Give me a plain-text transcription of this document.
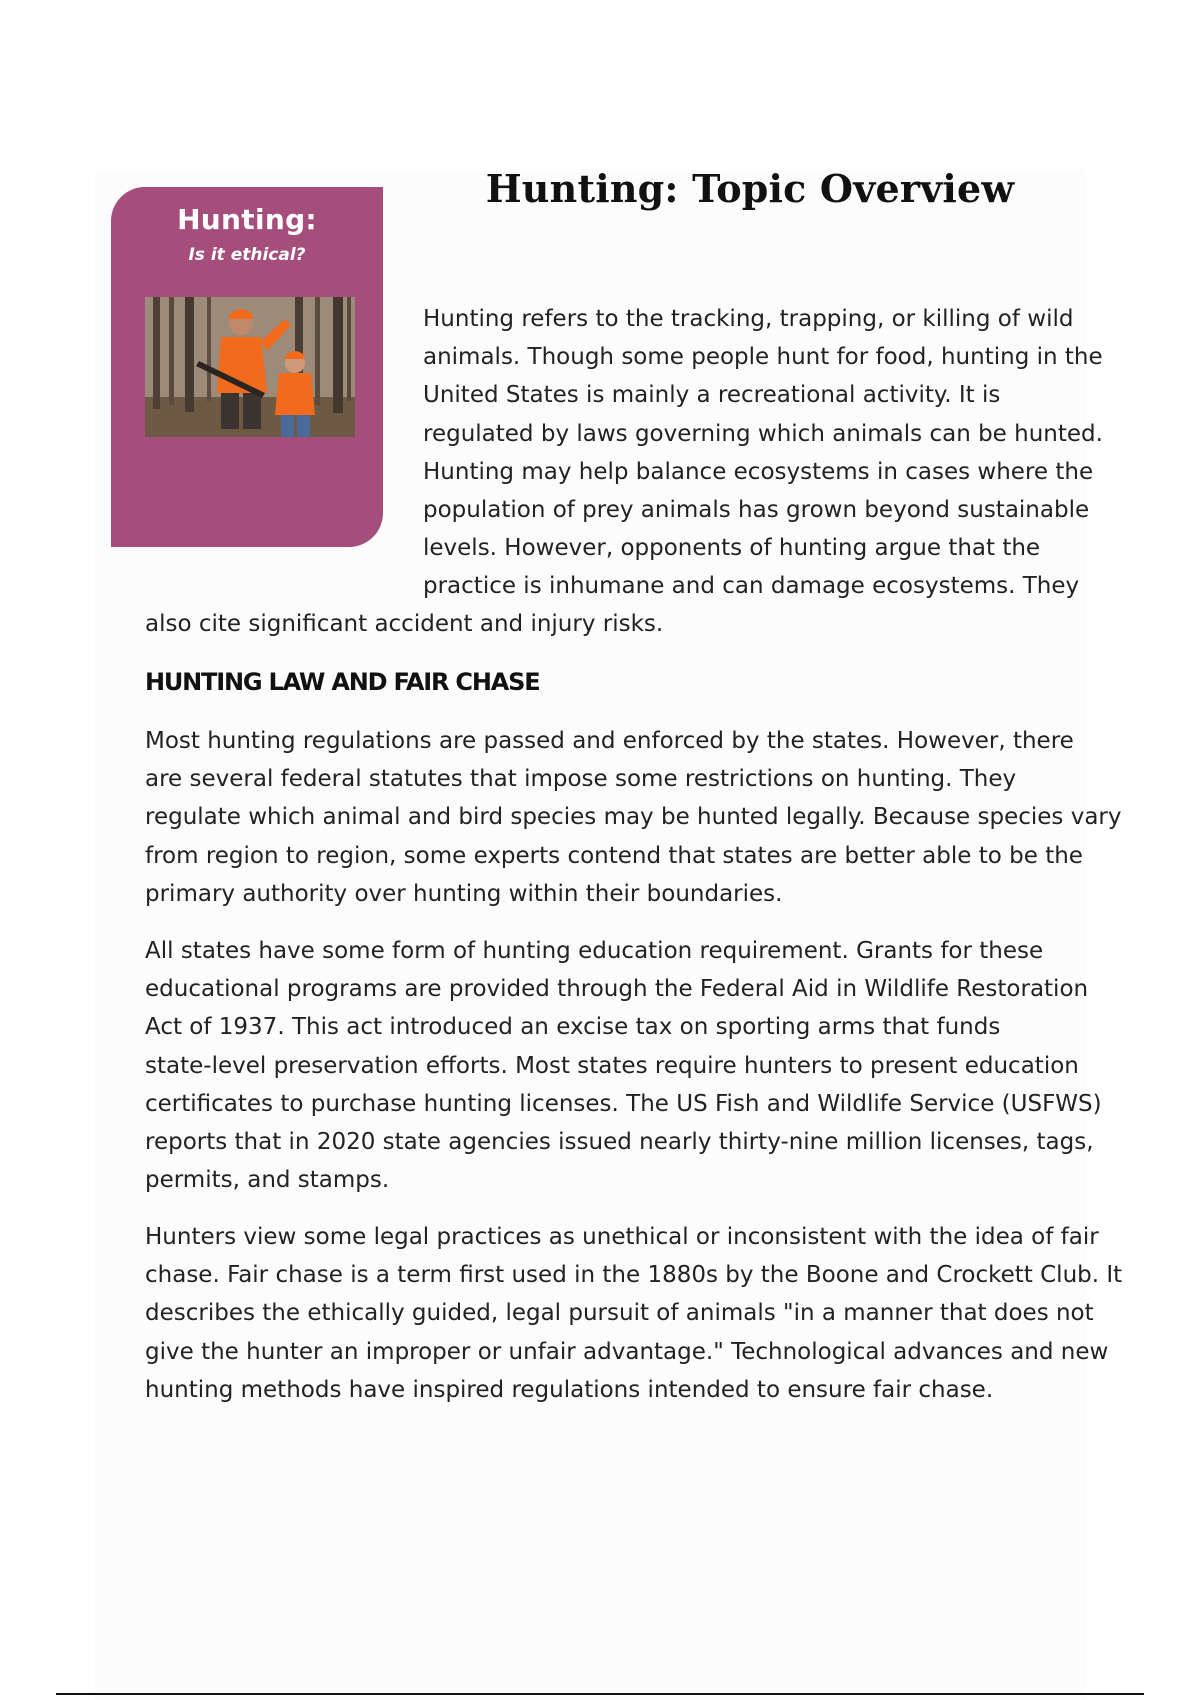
Hunting:
Is it ethical?
Hunting: Topic Overview
Hunting refers to the tracking, trapping, or killing of wild
animals. Though some people hunt for food, hunting in the
United States is mainly a recreational activity. It is
regulated by laws governing which animals can be hunted.
Hunting may help balance ecosystems in cases where the
population of prey animals has grown beyond sustainable
levels. However, opponents of hunting argue that the
practice is inhumane and can damage ecosystems. They
also cite significant accident and injury risks.
HUNTING LAW AND FAIR CHASE
Most hunting regulations are passed and enforced by the states. However, there
are several federal statutes that impose some restrictions on hunting. They
regulate which animal and bird species may be hunted legally. Because species vary
from region to region, some experts contend that states are better able to be the
primary authority over hunting within their boundaries.
All states have some form of hunting education requirement. Grants for these
educational programs are provided through the Federal Aid in Wildlife Restoration
Act of 1937. This act introduced an excise tax on sporting arms that funds
state-level preservation efforts. Most states require hunters to present education
certificates to purchase hunting licenses. The US Fish and Wildlife Service (USFWS)
reports that in 2020 state agencies issued nearly thirty-nine million licenses, tags,
permits, and stamps.
Hunters view some legal practices as unethical or inconsistent with the idea of fair
chase. Fair chase is a term first used in the 1880s by the Boone and Crockett Club. It
describes the ethically guided, legal pursuit of animals "in a manner that does not
give the hunter an improper or unfair advantage." Technological advances and new
hunting methods have inspired regulations intended to ensure fair chase.
